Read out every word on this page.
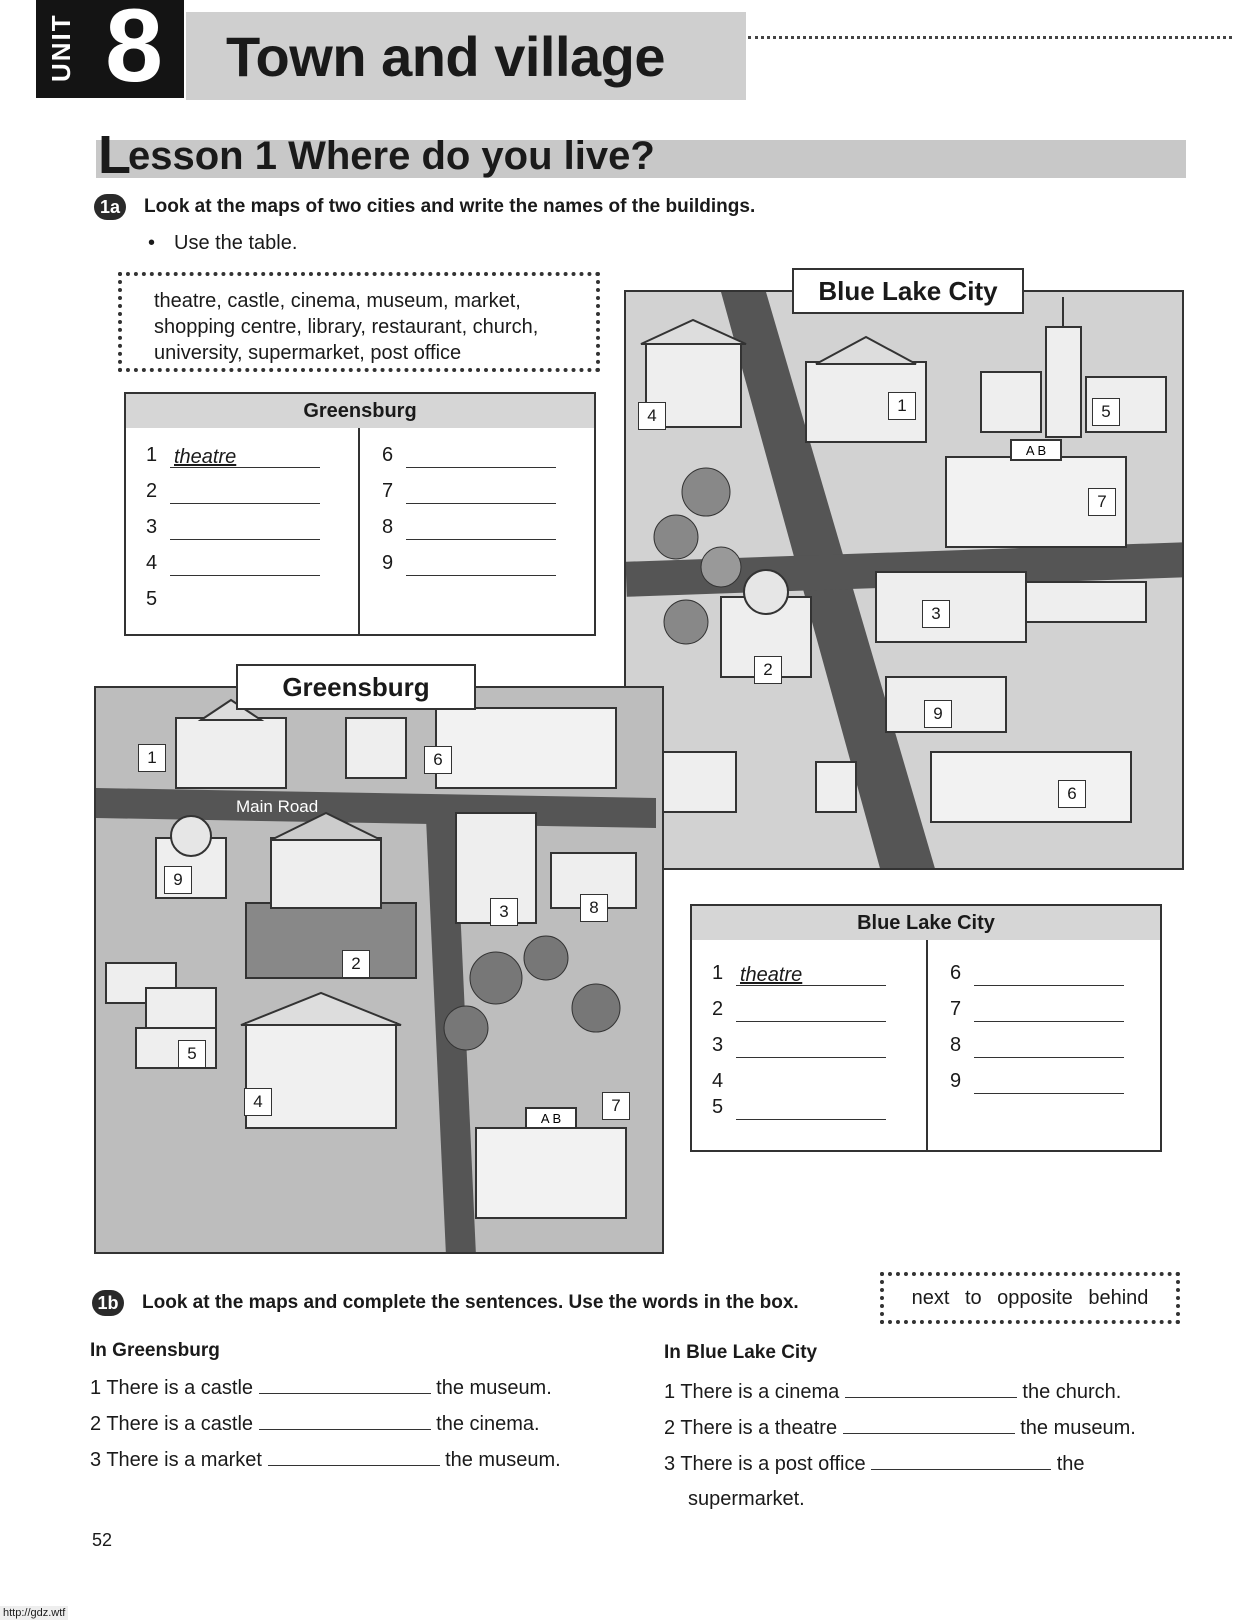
UNIT 8	Town and village
L
esson 1 Where do you live?
1a	Look at the maps of two cities and write the names of the buildings.
• Use the table.
theatre, castle, cinema, museum, market,
shopping centre, library, restaurant, church,
university, supermarket, post office
Greensburg
1 theatre
2
3
4
5
6
7
8
9
A B
1
2
3
4	5
6
7
9
Blue Lake City
Main Road
A B
1
2
3
4
5
6
7
8
9
Greensburg
Blue Lake City
1 theatre
2
3
4
5
6
7
8
9
1b Look at the maps and complete the sentences. Use the words in the box.	next to opposite behind
In Greensburg
1 There is a castle	the museum.
2 There is a castle	the cinema.
3 There is a market	the museum.
In Blue Lake City
1 There is a cinema	the church.
2 There is a theatre	the museum.
3 There is a post office	the
supermarket.
52
http://gdz.wtf
